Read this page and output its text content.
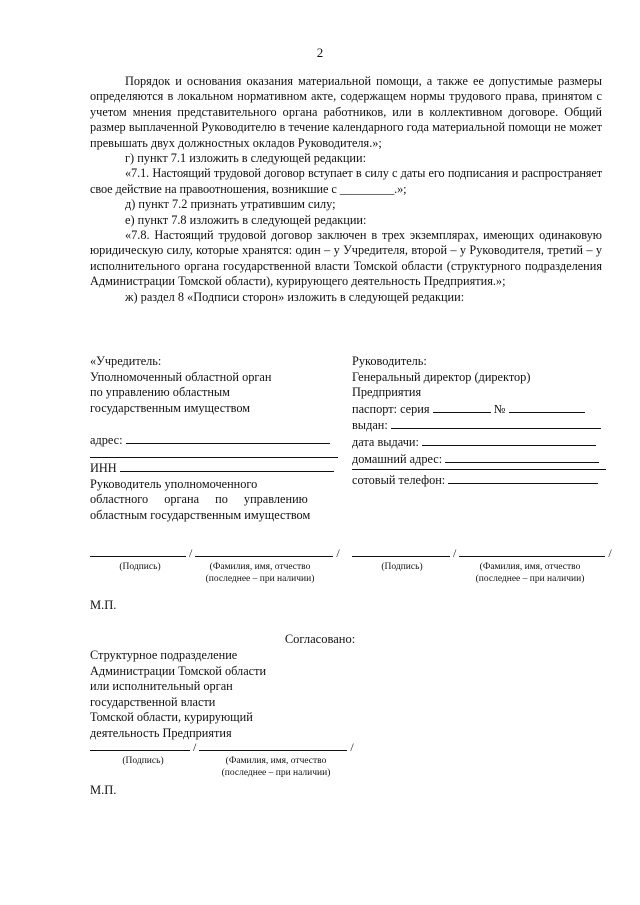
2

Порядок и основания оказания материальной помощи, а также ее допустимые размеры определяются в локальном нормативном акте, содержащем нормы трудового права, принятом с учетом мнения представительного органа работников, или в коллективном договоре. Общий размер выплаченной Руководителю в течение календарного года материальной помощи не может превышать двух должностных окладов Руководителя.»;

г) пункт 7.1 изложить в следующей редакции:

«7.1. Настоящий трудовой договор вступает в силу с даты его подписания и распространяет свое действие на правоотношения, возникшие с _________.»;

д) пункт 7.2 признать утратившим силу;

е) пункт 7.8 изложить в следующей редакции:

«7.8. Настоящий трудовой договор заключен в трех экземплярах, имеющих одинаковую юридическую силу, которые хранятся: один – у Учредителя, второй – у Руководителя, третий – у исполнительного органа государственной власти Томской области (структурного подразделения Администрации Томской области), курирующего деятельность Предприятия.»;

ж) раздел 8 «Подписи сторон» изложить в следующей редакции:

«Учредитель:
Уполномоченный областной орган
по управлению областным
государственным имуществом
адрес:
ИНН
Руководитель уполномоченного
областного органа по управлению
областным государственным имуществом
Руководитель:
Генеральный директор (директор)
Предприятия
паспорт: серия	№
выдан:
дата выдачи:
домашний адрес:
сотовый телефон:
/	/
(Подпись)	(Фамилия, имя, отчество
(последнее – при наличии)
/	/
(Подпись)	(Фамилия, имя, отчество
(последнее – при наличии)
М.П.
Согласовано:
Структурное подразделение
Администрации Томской области
или исполнительный орган
государственной власти
Томской области, курирующий
деятельность Предприятия
/	/
(Подпись)	(Фамилия, имя, отчество
(последнее – при наличии)
М.П.
